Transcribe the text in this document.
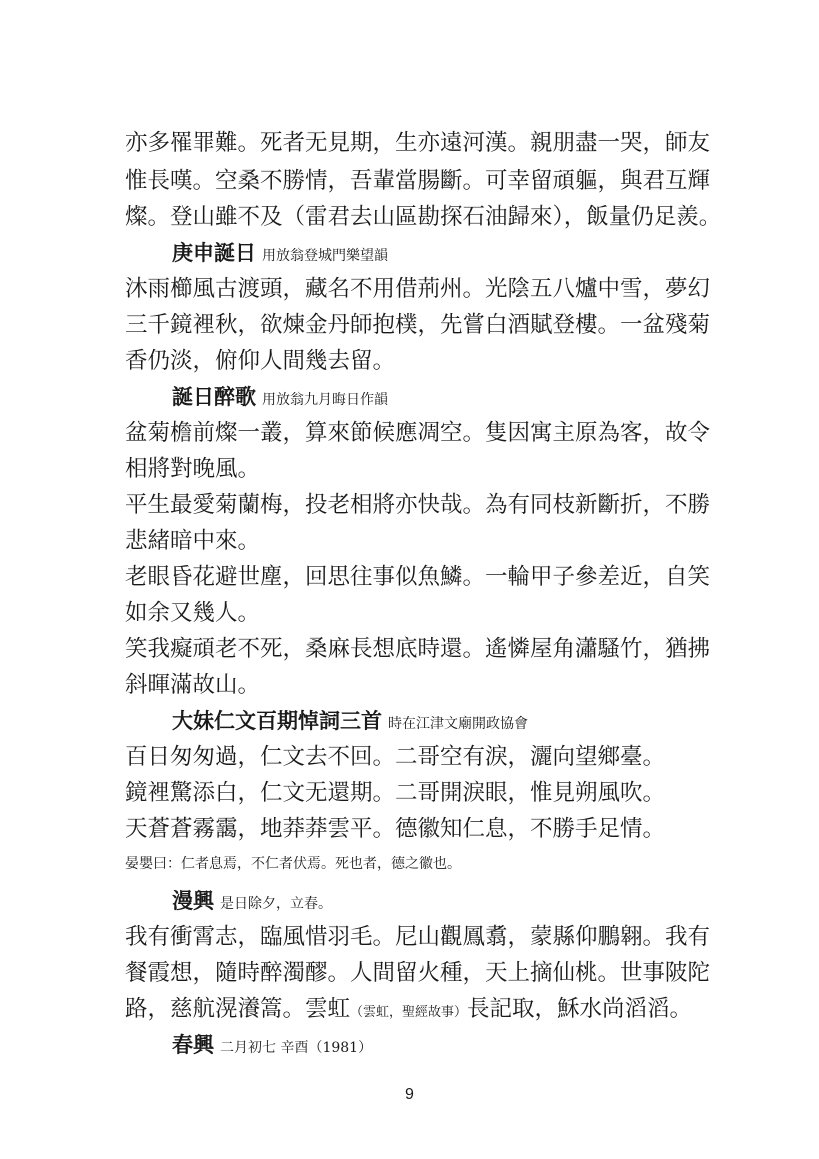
亦多罹罪難。死者无見期，生亦遠河漢。親朋盡一哭，師友
惟長嘆。空桑不勝情，吾輩當腸斷。可幸留頑軀，與君互輝
燦。登山雖不及（雷君去山區勘探石油歸來），飯量仍足羨。
庚申誕日 用放翁登城門樂望韻
沐雨櫛風古渡頭，藏名不用借荊州。光陰五八爐中雪，夢幻
三千鏡裡秋，欲煉金丹師抱樸，先嘗白酒賦登樓。一盆殘菊
香仍淡，俯仰人間幾去留。
誕日醉歌 用放翁九月晦日作韻
盆菊檐前燦一叢，算來節候應凋空。隻因寓主原為客，故令
相將對晚風。
平生最愛菊蘭梅，投老相將亦快哉。為有同枝新斷折，不勝
悲緒暗中來。
老眼昏花避世塵，回思往事似魚鱗。一輪甲子參差近，自笑
如余又幾人。
笑我癡頑老不死，桑麻長想底時還。遙憐屋角瀟騷竹，猶拂
斜暉滿故山。
大妹仁文百期悼詞三首 時在江津文廟開政協會
百日匆匆過，仁文去不回。二哥空有淚，灑向望鄉臺。
鏡裡驚添白，仁文无還期。二哥開淚眼，惟見朔風吹。
天蒼蒼霧靄，地莽莽雲平。德徽知仁息，不勝手足情。
晏嬰曰：仁者息焉，不仁者伏焉。死也者，德之徽也。
漫興 是日除夕，立春。
我有衝霄志，臨風惜羽毛。尼山觀鳳翥，蒙縣仰鵬翱。我有
餐霞想，隨時醉濁醪。人間留火種，天上摘仙桃。世事陂陀
路，慈航滉瀁篙。雲虹（雲虹，聖經故事）長記取，穌水尚滔滔。
春興 二月初七 辛酉（1981）
9
